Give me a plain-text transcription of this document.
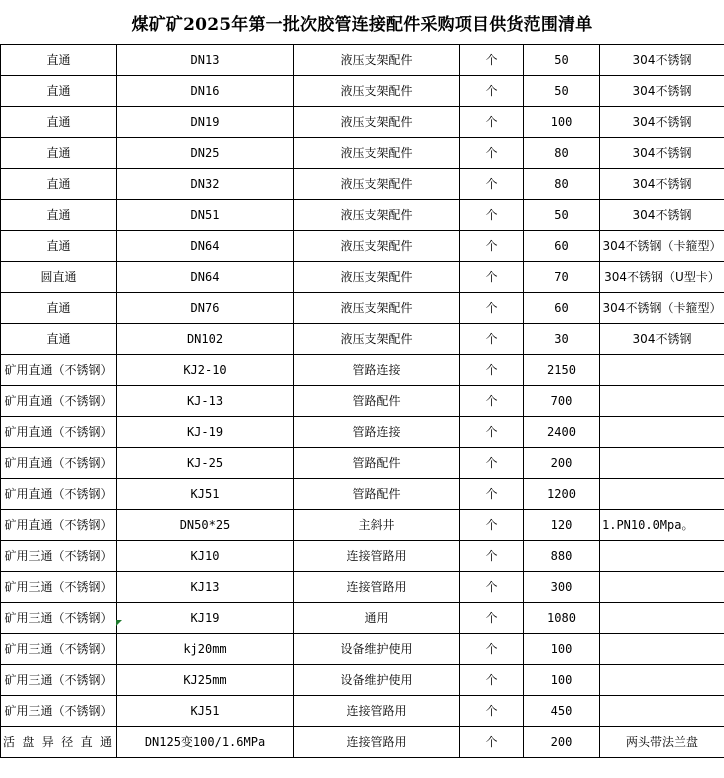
煤矿矿2025年第一批次胶管连接配件采购项目供货范围清单
直通	DN13	液压支架配件	个	50	304不锈钢
直通	DN16	液压支架配件	个	50	304不锈钢
直通	DN19	液压支架配件	个	100	304不锈钢
直通	DN25	液压支架配件	个	80	304不锈钢
直通	DN32	液压支架配件	个	80	304不锈钢
直通	DN51	液压支架配件	个	50	304不锈钢
直通	DN64	液压支架配件	个	60	304不锈钢（卡箍型）
圆直通	DN64	液压支架配件	个	70	304不锈钢（U型卡）
直通	DN76	液压支架配件	个	60	304不锈钢（卡箍型）
直通	DN102	液压支架配件	个	30	304不锈钢
矿用直通（不锈钢）	KJ2-10	管路连接	个	2150	
矿用直通（不锈钢）	KJ-13	管路配件	个	700	
矿用直通（不锈钢）	KJ-19	管路连接	个	2400	
矿用直通（不锈钢）	KJ-25	管路配件	个	200	
矿用直通（不锈钢）	KJ51	管路配件	个	1200	
矿用直通（不锈钢）	DN50*25	主斜井	个	120	1.PN10.0Mpa。
矿用三通（不锈钢）	KJ10	连接管路用	个	880	
矿用三通（不锈钢）	KJ13	连接管路用	个	300	
矿用三通（不锈钢）	KJ19	通用	个	1080	
矿用三通（不锈钢）	kj20mm	设备维护使用	个	100	
矿用三通（不锈钢）	KJ25mm	设备维护使用	个	100	
矿用三通（不锈钢）	KJ51	连接管路用	个	450	
活盘异径直通	DN125变100/1.6MPa	连接管路用	个	200	两头带法兰盘
